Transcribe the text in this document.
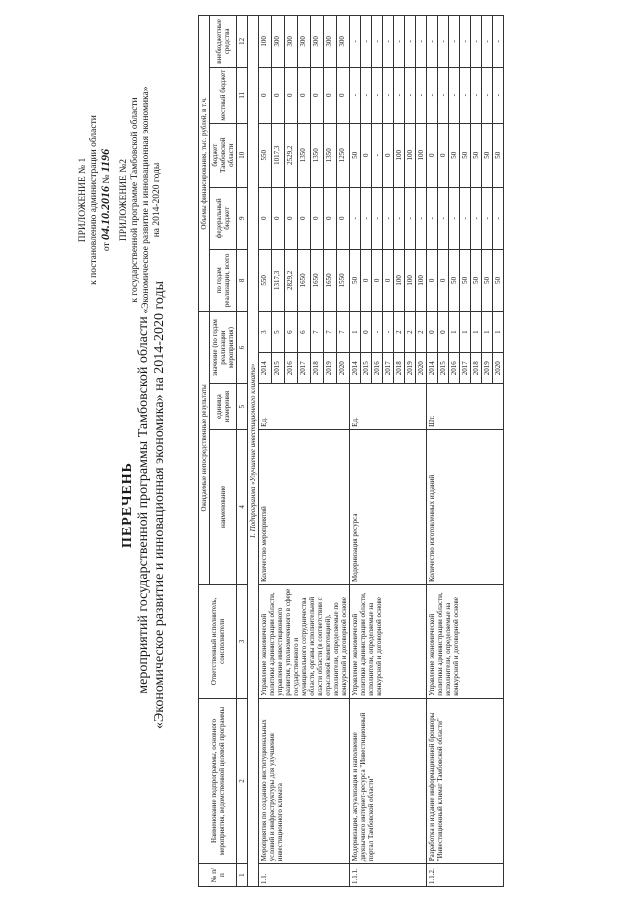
ПРИЛОЖЕНИЕ № 1 к постановлению администрации области от 04.10.2016 № 1196 ПРИЛОЖЕНИЕ №2 к государственной программе Тамбовской области «Экономическое развитие и инновационная экономика» на 2014-2020 годы
ПЕРЕЧЕНЬ мероприятий государственной программы Тамбовской области «Экономическое развитие и инновационная экономика» на 2014-2020 годы
№ п/п	Наименование подпрограммы, основного мероприятия, ведомственной целевой программы	Ответственный исполнитель, соисполнители	Ожидаемые непосредственные результаты				Объемы финансирования, тыс. рублей, в т.ч.				
			наименование	единица измерения	значение (по годам реализации мероприятия)		по годам реализации, всего	федеральный бюджет	бюджет Тамбовской области	местный бюджет	внебюджетные средства
1	2	3	4	5	6		8	9	10	11	12
1. Подпрограмма «Улучшение инвестиционного климата»											
1.1.	Мероприятия по созданию институциональных условий и инфраструктуры для улучшения инвестиционного климата	Управление экономической политики администрации области, управление инвестиционного развития, уполномоченного в сфере государственного и муниципального сотрудничества области, органы исполнительной власти области (в соответствии с отраслевой компетенцией), исполнители, определяемые по конкурсной и договорной основе	Количество мероприятий	Ед.	2014	3	550	0	550	0	100
					2015	5	1317,3	0	1017,3	0	300
					2016	6	2829,2	0	2529,2	0	300
					2017	6	1650	0	1350	0	300
					2018	7	1650	0	1350	0	300
					2019	7	1650	0	1350	0	300
					2020	7	1550	0	1250	0	300
1.1.1.	Модернизация, актуализация и наполнение двуязычного интернет-ресурса "Инвестиционный портал Тамбовской области"	Управление экономической политики администрации области, исполнители, определяемые на конкурсной и договорной основе	Модернизация ресурса	Ед.	2014	1	50	-	50	-	-
					2015	0	0	-	0	-	-
					2016	-	0	-	-	-	-
					2017	-	0	-	0	-	-
					2018	2	100	-	100	-	-
					2019	2	100	-	100	-	-
					2020	2	100	-	100	-	-
1.1.2.	Разработка и издание информационной брошюры "Инвестиционный климат Тамбовской области"	Управление экономической политики администрации области, исполнители, определяемые на конкурсной и договорной основе	Количество изготовленных изданий	Шт.	2014	0	0	-	0	-	-
					2015	0	0	-	0	-	-
					2016	1	50	-	50	-	-
					2017	1	50	-	50	-	-
					2018	1	50	-	50	-	-
					2019	1	50	-	50	-	-
					2020	1	50	-	50	-	-
